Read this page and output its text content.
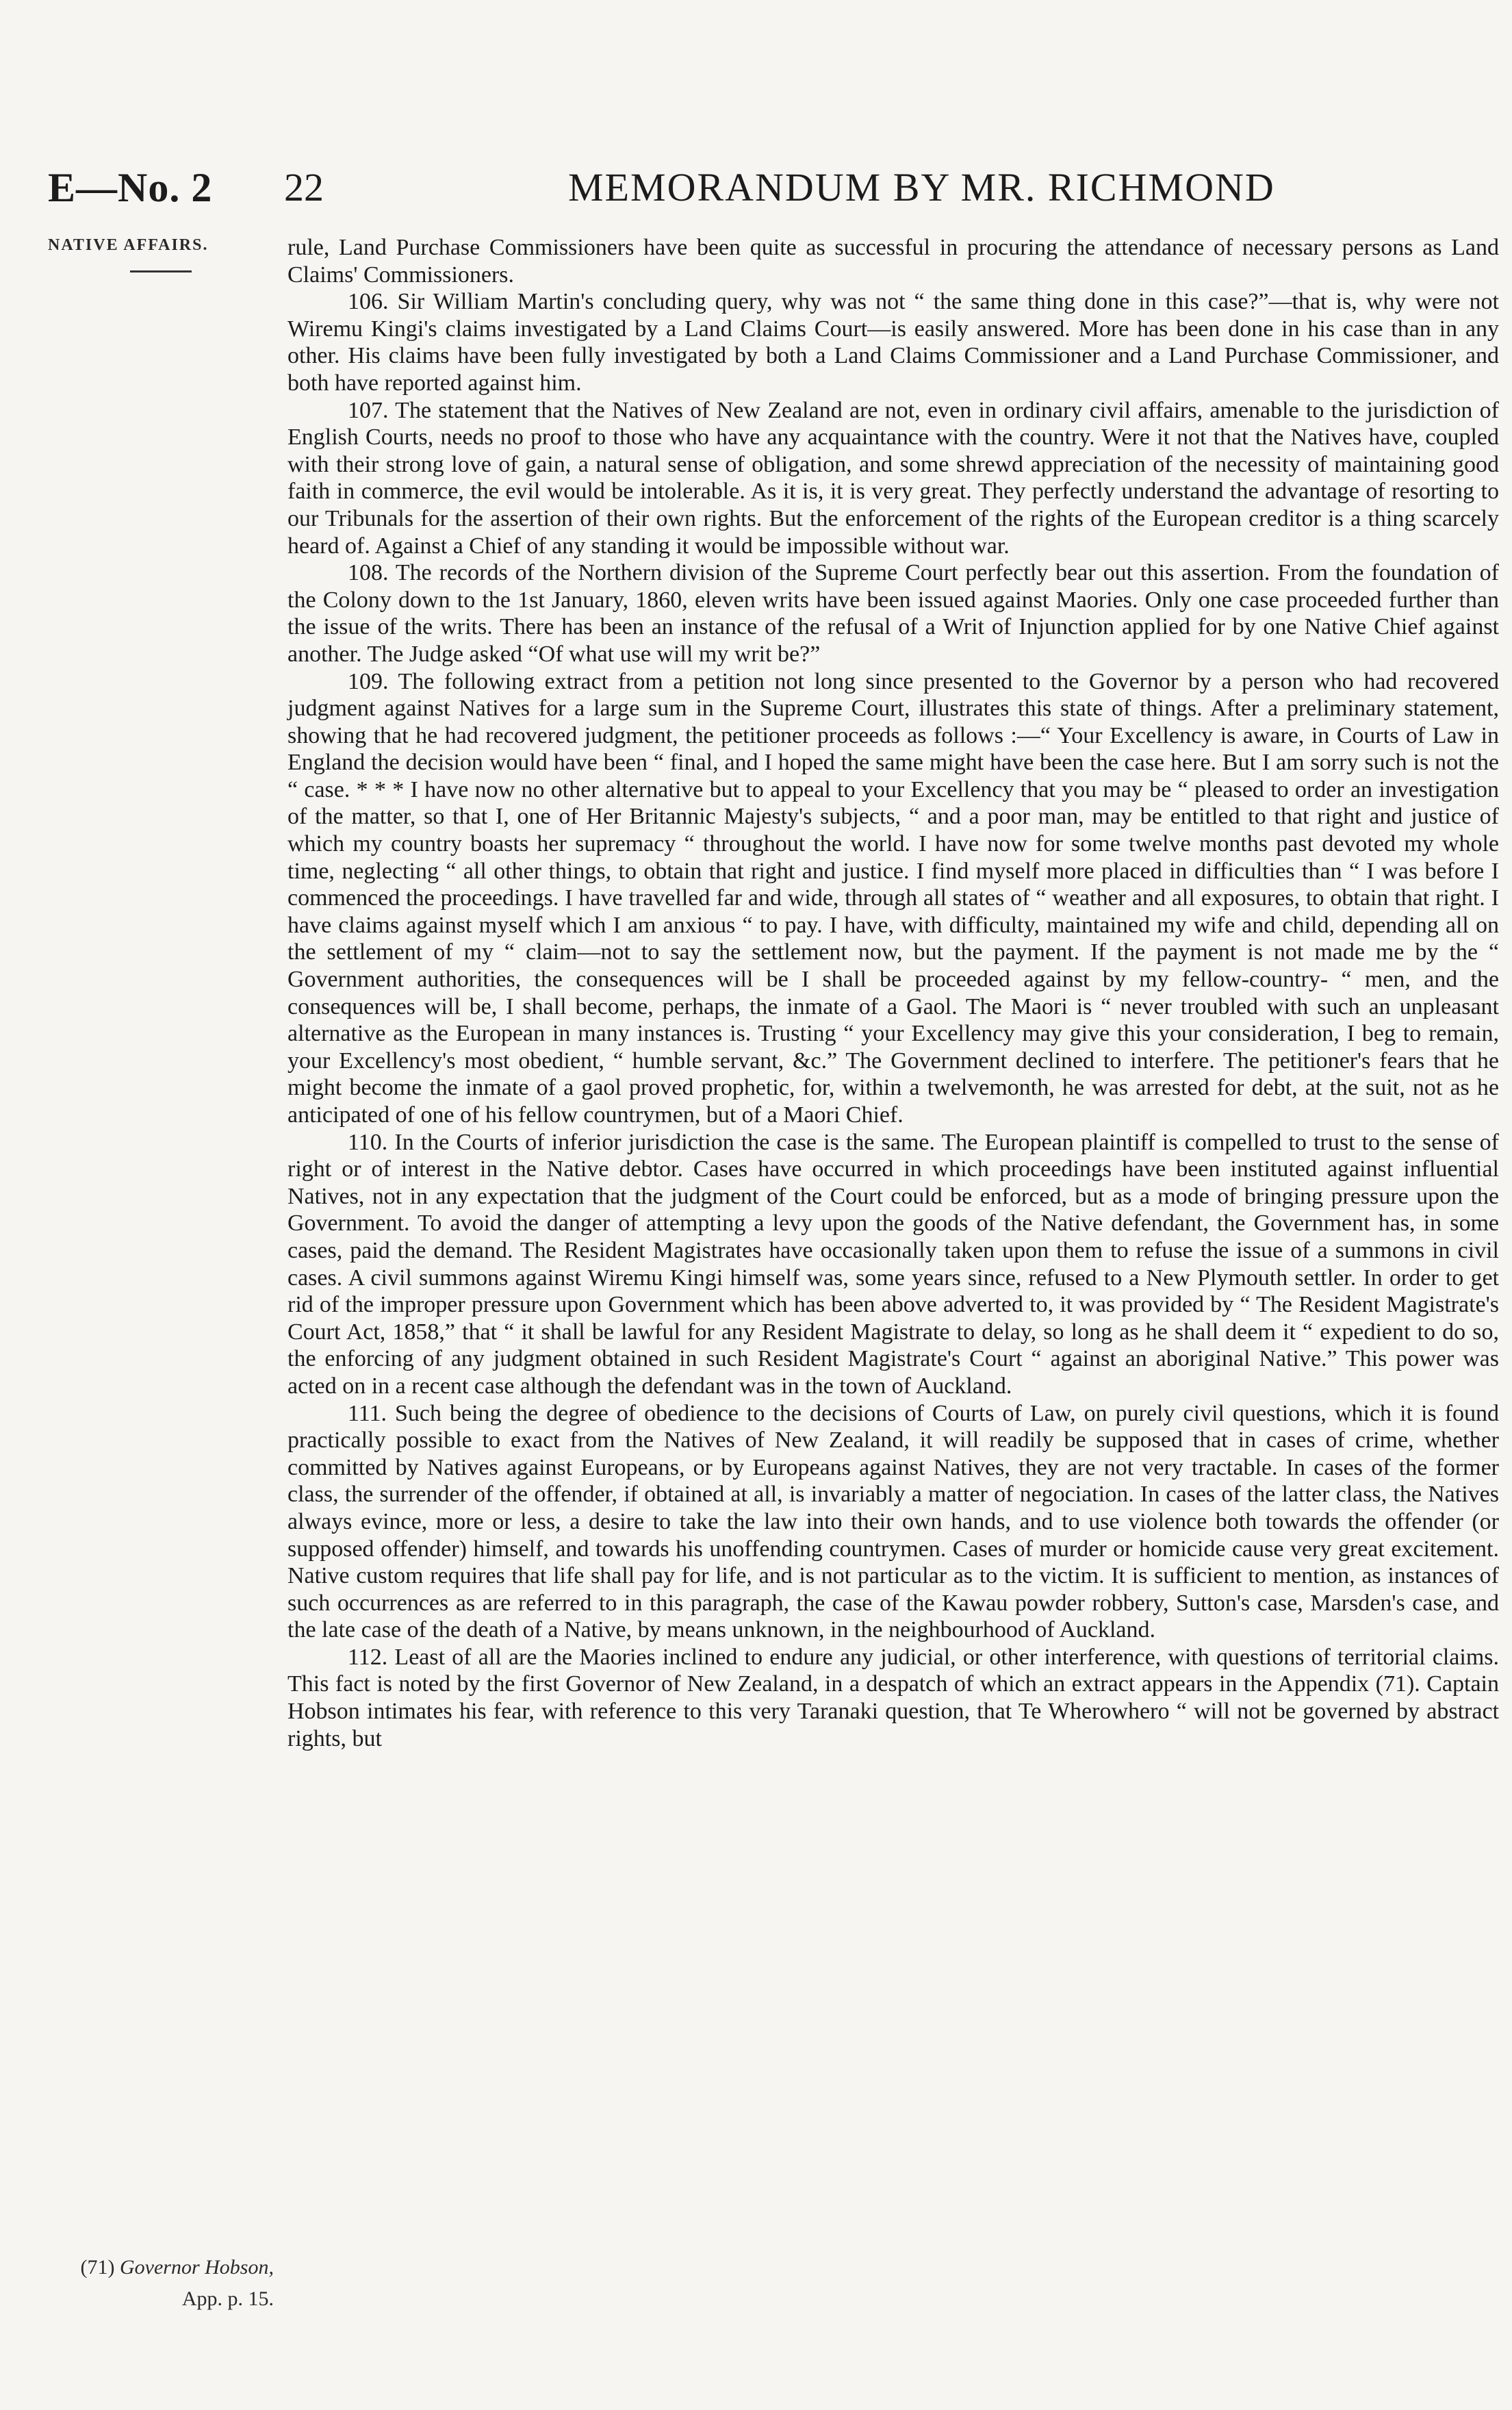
E—No. 2 22	MEMORANDUM BY MR. RICHMOND
NATIVE AFFAIRS.
(71) Governor Hobson,
App. p. 15.

rule, Land Purchase Commissioners have been quite as successful in procuring the attendance of necessary persons as Land Claims' Commissioners.

106. Sir William Martin's concluding query, why was not “ the same thing done in this case?”—that is, why were not Wiremu Kingi's claims investigated by a Land Claims Court—is easily answered. More has been done in his case than in any other. His claims have been fully investigated by both a Land Claims Commissioner and a Land Purchase Commissioner, and both have reported against him.

107. The statement that the Natives of New Zealand are not, even in ordinary civil affairs, amenable to the jurisdiction of English Courts, needs no proof to those who have any acquaintance with the country. Were it not that the Natives have, coupled with their strong love of gain, a natural sense of obligation, and some shrewd appreciation of the necessity of maintaining good faith in commerce, the evil would be intolerable. As it is, it is very great. They perfectly understand the advantage of resorting to our Tribunals for the assertion of their own rights. But the enforcement of the rights of the European creditor is a thing scarcely heard of. Against a Chief of any standing it would be impossible without war.

108. The records of the Northern division of the Supreme Court perfectly bear out this assertion. From the foundation of the Colony down to the 1st January, 1860, eleven writs have been issued against Maories. Only one case proceeded further than the issue of the writs. There has been an instance of the refusal of a Writ of Injunction applied for by one Native Chief against another. The Judge asked “Of what use will my writ be?”

109. The following extract from a petition not long since presented to the Governor by a person who had recovered judgment against Natives for a large sum in the Supreme Court, illustrates this state of things. After a preliminary statement, showing that he had recovered judgment, the petitioner proceeds as follows :—“ Your Excellency is aware, in Courts of Law in England the decision would have been “ final, and I hoped the same might have been the case here. But I am sorry such is not the “ case. * * * I have now no other alternative but to appeal to your Excellency that you may be “ pleased to order an investigation of the matter, so that I, one of Her Britannic Majesty's subjects, “ and a poor man, may be entitled to that right and justice of which my country boasts her supremacy “ throughout the world. I have now for some twelve months past devoted my whole time, neglecting “ all other things, to obtain that right and justice. I find myself more placed in difficulties than “ I was before I commenced the proceedings. I have travelled far and wide, through all states of “ weather and all exposures, to obtain that right. I have claims against myself which I am anxious “ to pay. I have, with difficulty, maintained my wife and child, depending all on the settlement of my “ claim—not to say the settlement now, but the payment. If the payment is not made me by the “ Government authorities, the consequences will be I shall be proceeded against by my fellow-country- “ men, and the consequences will be, I shall become, perhaps, the inmate of a Gaol. The Maori is “ never troubled with such an unpleasant alternative as the European in many instances is. Trusting “ your Excellency may give this your consideration, I beg to remain, your Excellency's most obedient, “ humble servant, &c.” The Government declined to interfere. The petitioner's fears that he might become the inmate of a gaol proved prophetic, for, within a twelvemonth, he was arrested for debt, at the suit, not as he anticipated of one of his fellow countrymen, but of a Maori Chief.

110. In the Courts of inferior jurisdiction the case is the same. The European plaintiff is compelled to trust to the sense of right or of interest in the Native debtor. Cases have occurred in which proceedings have been instituted against influential Natives, not in any expectation that the judgment of the Court could be enforced, but as a mode of bringing pressure upon the Government. To avoid the danger of attempting a levy upon the goods of the Native defendant, the Government has, in some cases, paid the demand. The Resident Magistrates have occasionally taken upon them to refuse the issue of a summons in civil cases. A civil summons against Wiremu Kingi himself was, some years since, refused to a New Plymouth settler. In order to get rid of the improper pressure upon Government which has been above adverted to, it was provided by “ The Resident Magistrate's Court Act, 1858,” that “ it shall be lawful for any Resident Magistrate to delay, so long as he shall deem it “ expedient to do so, the enforcing of any judgment obtained in such Resident Magistrate's Court “ against an aboriginal Native.” This power was acted on in a recent case although the defendant was in the town of Auckland.

111. Such being the degree of obedience to the decisions of Courts of Law, on purely civil questions, which it is found practically possible to exact from the Natives of New Zealand, it will readily be supposed that in cases of crime, whether committed by Natives against Europeans, or by Europeans against Natives, they are not very tractable. In cases of the former class, the surrender of the offender, if obtained at all, is invariably a matter of negociation. In cases of the latter class, the Natives always evince, more or less, a desire to take the law into their own hands, and to use violence both towards the offender (or supposed offender) himself, and towards his unoffending countrymen. Cases of murder or homicide cause very great excitement. Native custom requires that life shall pay for life, and is not particular as to the victim. It is sufficient to mention, as instances of such occurrences as are referred to in this paragraph, the case of the Kawau powder robbery, Sutton's case, Marsden's case, and the late case of the death of a Native, by means unknown, in the neighbourhood of Auckland.

112. Least of all are the Maories inclined to endure any judicial, or other interference, with questions of territorial claims. This fact is noted by the first Governor of New Zealand, in a despatch of which an extract appears in the Appendix (71). Captain Hobson intimates his fear, with reference to this very Taranaki question, that Te Wherowhero “ will not be governed by abstract rights, but
